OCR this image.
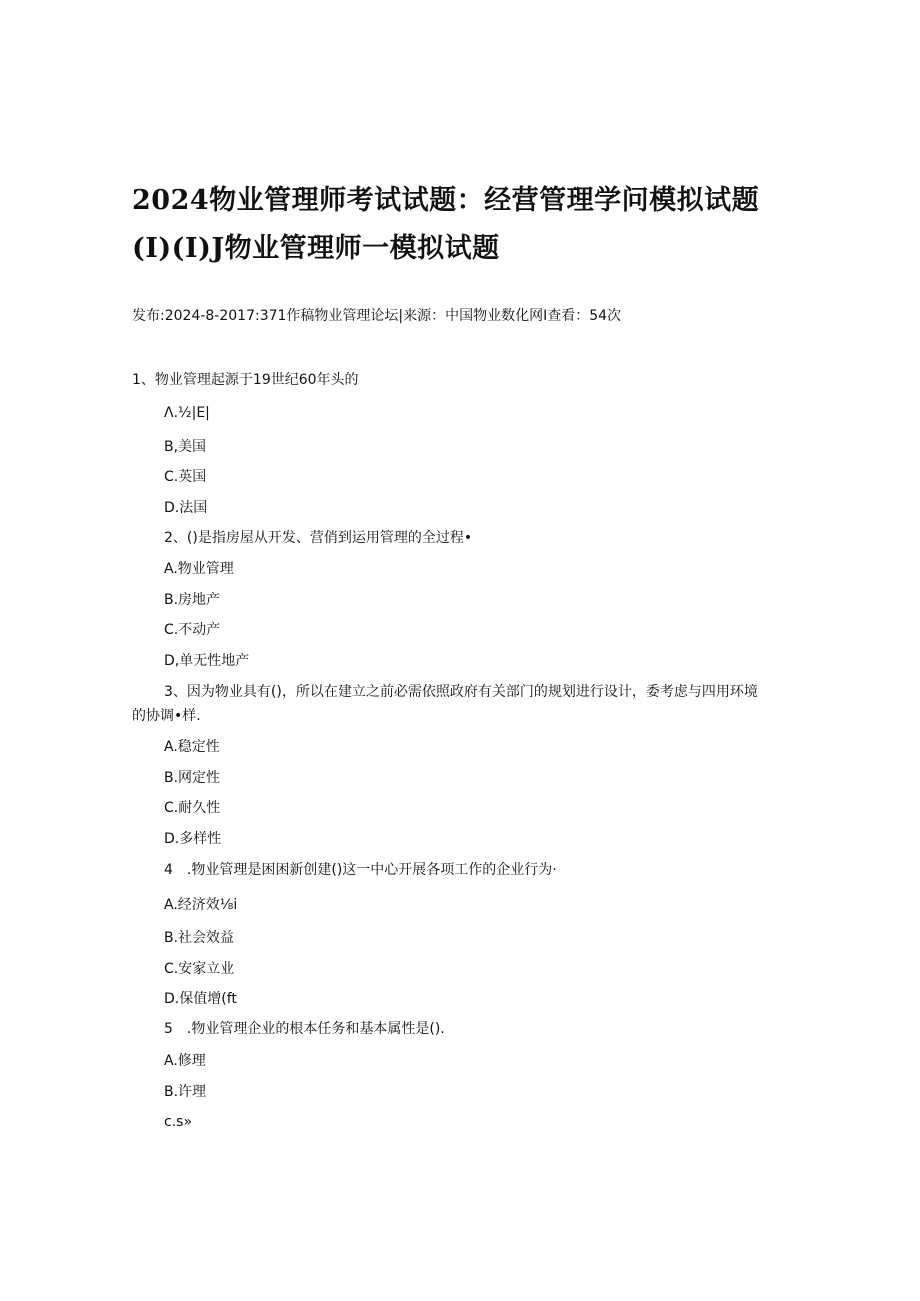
2024物业管理师考试试题：经营管理学问模拟试题
(I)(I)J物业管理师一模拟试题
发布:2024-8-2017:371作稿物业管理论坛|来源：中国物业数化网I查看：54次
1、物业管理起源于19世纪60年头的
Λ.½|E|
B,美国
C.英国
D.法国
2、()是指房屋从开发、营俏到运用管理的全过程•
A.物业管理
B.房地产
C.不动产
D,单无性地产
3、因为物业具有()，所以在建立之前必需依照政府有关部门的规划进行设计，委考虑与四用环境
的协调•样.
A.稳定性
B.网定性
C.耐久性
D.多样性
4　.物业管理是困困新创建()这一中心开展各项工作的企业行为·
A.经济效⅛i
B.社会效益
C.安家立业
D.保值增(ft
5　.物业管理企业的根本任务和基本属性是().
A.修理
B.许理
c.s»
